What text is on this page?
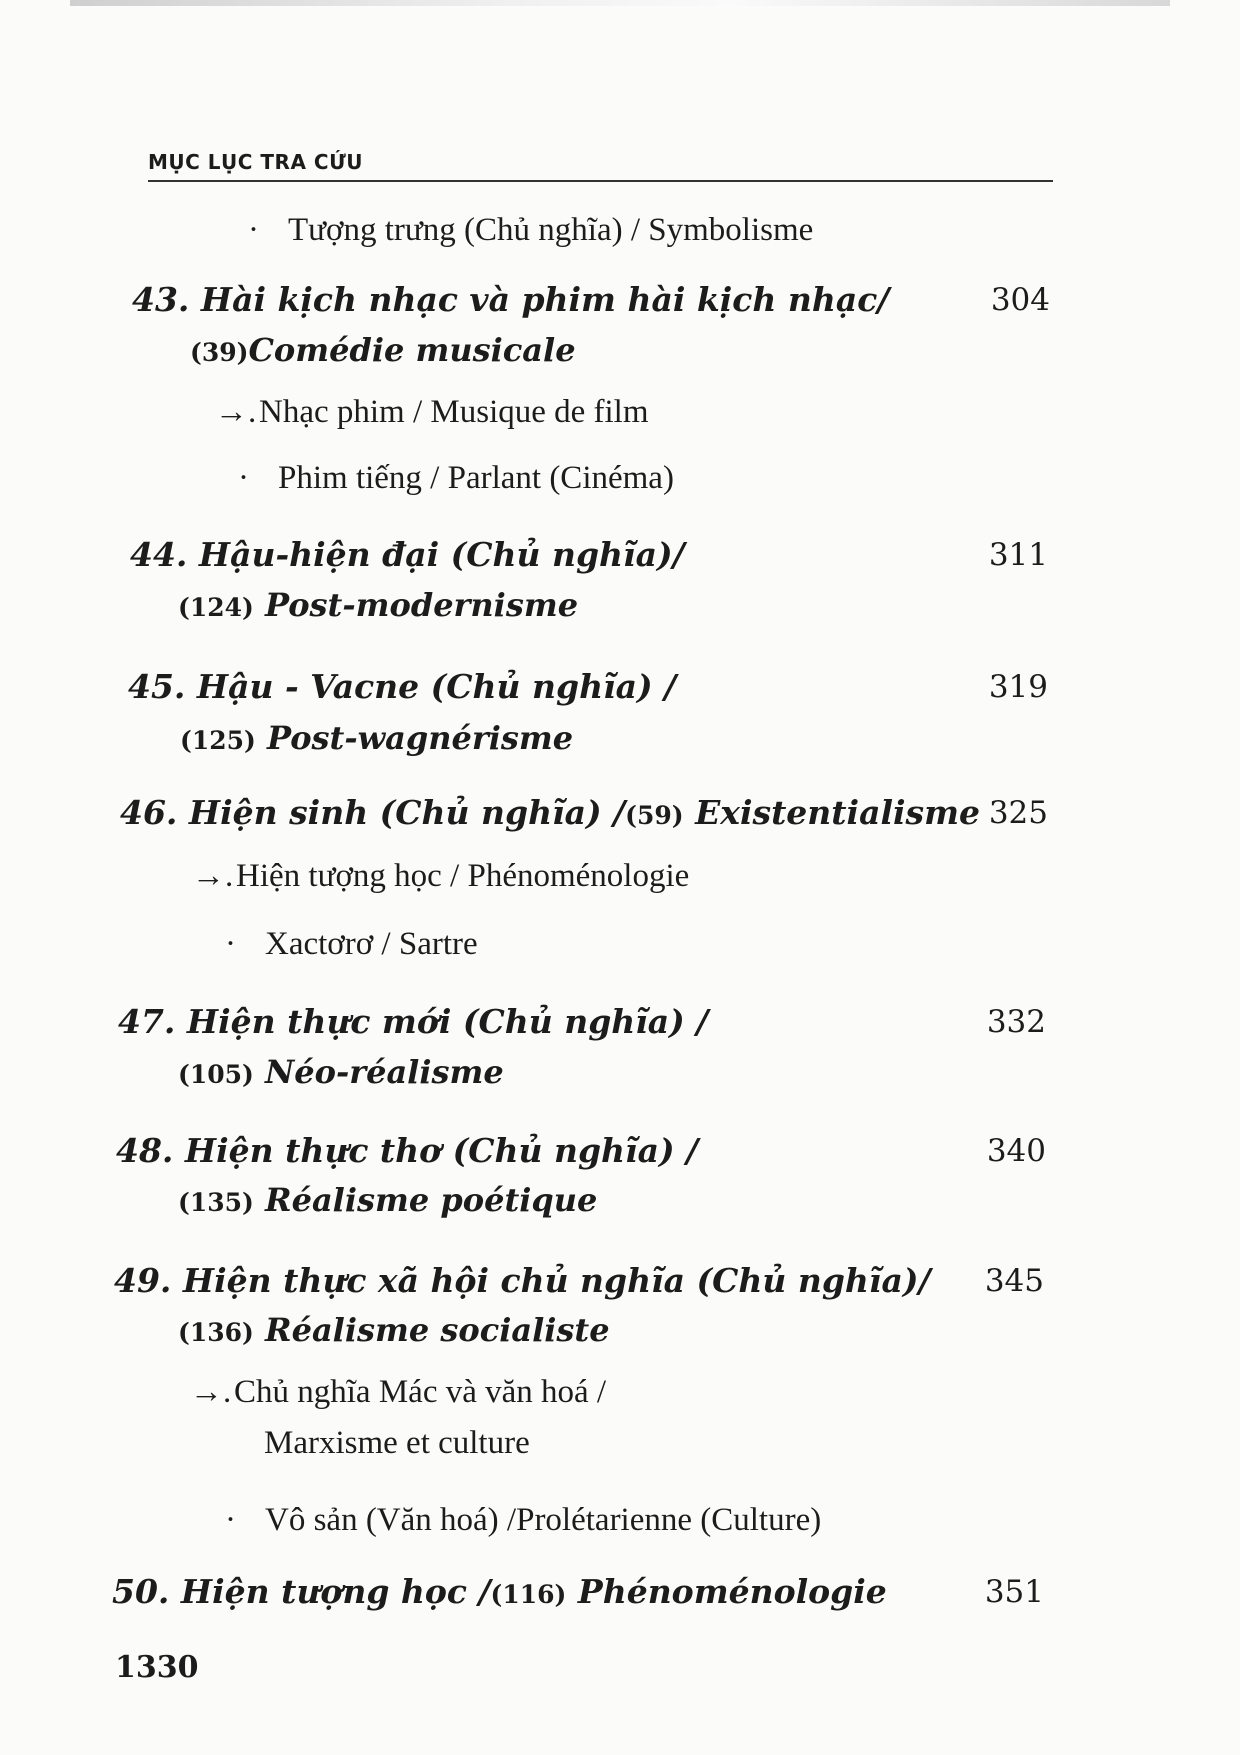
MỤC LỤC TRA CỨU
· Tượng trưng (Chủ nghĩa) / Symbolisme
43. Hài kịch nhạc và phim hài kịch nhạc/	304
(39)Comédie musicale
→.Nhạc phim / Musique de film
· Phim tiếng / Parlant (Cinéma)
44. Hậu-hiện đại (Chủ nghĩa)/	311
(124) Post-modernisme
45. Hậu - Vacne (Chủ nghĩa) /	319
(125) Post-wagnérisme
46. Hiện sinh (Chủ nghĩa) /(59) Existentialisme 325
→.Hiện tượng học / Phénoménologie
· Xactơrơ / Sartre
47. Hiện thực mới (Chủ nghĩa) /	332
(105) Néo-réalisme
48. Hiện thực thơ (Chủ nghĩa) /	340
(135) Réalisme poétique
49. Hiện thực xã hội chủ nghĩa (Chủ nghĩa)/ 345
(136) Réalisme socialiste
→.Chủ nghĩa Mác và văn hoá /
Marxisme et culture
· Vô sản (Văn hoá) /Prolétarienne (Culture)
50. Hiện tượng học /(116) Phénoménologie	351
1330
